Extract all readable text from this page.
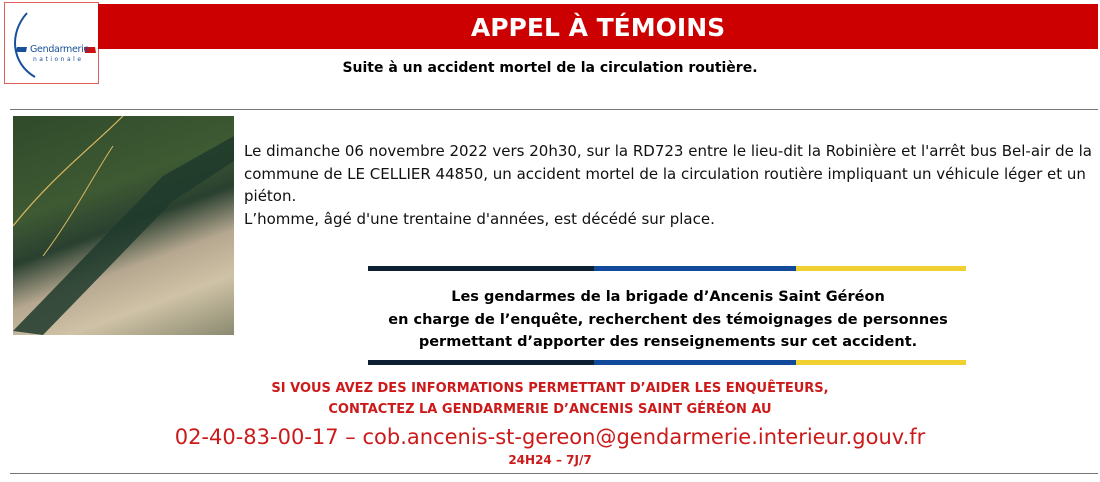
Gendarmerie
nationale
APPEL À TÉMOINS
Suite à un accident mortel de la circulation routière.
Le dimanche 06 novembre 2022 vers 20h30, sur la RD723 entre le lieu-dit la Robinière et l'arrêt bus Bel-air de la commune de LE CELLIER 44850, un accident mortel de la circulation routière impliquant un véhicule léger et un piéton.
L’homme, âgé d'une trentaine d'années, est décédé sur place.
Les gendarmes de la brigade d’Ancenis Saint Géréon
en charge de l’enquête, recherchent des témoignages de personnes
permettant d’apporter des renseignements sur cet accident.
SI VOUS AVEZ DES INFORMATIONS PERMETTANT D’AIDER LES ENQUÊTEURS,
CONTACTEZ LA GENDARMERIE D’ANCENIS SAINT GÉRÉON AU
02-40-83-00-17 – cob.ancenis-st-gereon@gendarmerie.interieur.gouv.fr
24H24 – 7J/7
